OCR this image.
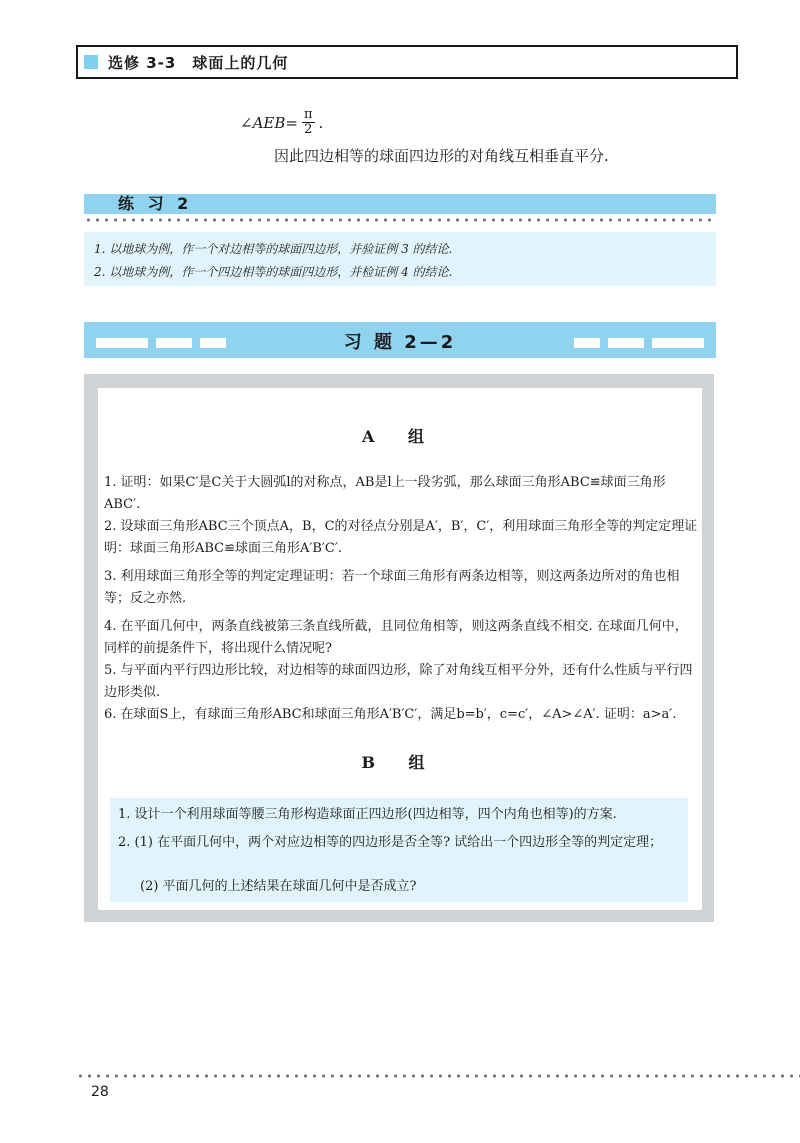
选修 3-3　球面上的几何
∠AEB= $\frac{\pi}{2}$ .
因此四边相等的球面四边形的对角线互相垂直平分.
练 习 2
1. 以地球为例，作一个对边相等的球面四边形，并验证例 3 的结论.
2. 以地球为例，作一个四边相等的球面四边形，并检证例 4 的结论.
习 题 2—2
A 组
1. 证明：如果C′是C关于大圆弧l的对称点，AB是l上一段劣弧，那么球面三角形ABC≌球面三角形ABC′.
2. 设球面三角形ABC三个顶点A，B，C的对径点分别是A′，B′，C′，利用球面三角形全等的判定定理证明：球面三角形ABC≌球面三角形A′B′C′.
3. 利用球面三角形全等的判定定理证明：若一个球面三角形有两条边相等，则这两条边所对的角也相等；反之亦然.
4. 在平面几何中，两条直线被第三条直线所截，且同位角相等，则这两条直线不相交. 在球面几何中，同样的前提条件下，将出现什么情况呢?
5. 与平面内平行四边形比较，对边相等的球面四边形，除了对角线互相平分外，还有什么性质与平行四边形类似.
6. 在球面S上，有球面三角形ABC和球面三角形A′B′C′，满足b=b′，c=c′，∠A>∠A′. 证明：a>a′.
B 组
1. 设计一个利用球面等腰三角形构造球面正四边形(四边相等，四个内角也相等)的方案.
2. (1) 在平面几何中，两个对应边相等的四边形是否全等? 试给出一个四边形全等的判定定理；
(2) 平面几何的上述结果在球面几何中是否成立?
28
